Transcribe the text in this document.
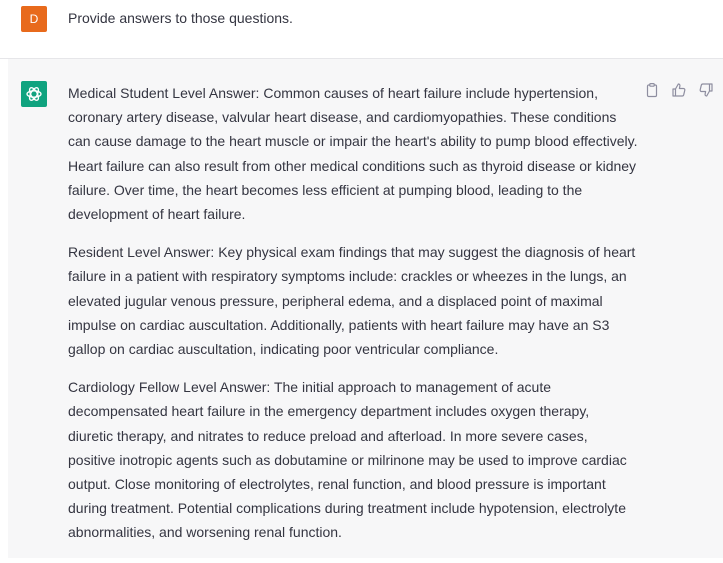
D	Provide answers to those questions.

Medical Student Level Answer: Common causes of heart failure include hypertension, coronary artery disease, valvular heart disease, and cardiomyopathies. These conditions can cause damage to the heart muscle or impair the heart's ability to pump blood effectively. Heart failure can also result from other medical conditions such as thyroid disease or kidney failure. Over time, the heart becomes less efficient at pumping blood, leading to the development of heart failure.

Resident Level Answer: Key physical exam findings that may suggest the diagnosis of heart failure in a patient with respiratory symptoms include: crackles or wheezes in the lungs, an elevated jugular venous pressure, peripheral edema, and a displaced point of maximal impulse on cardiac auscultation. Additionally, patients with heart failure may have an S3 gallop on cardiac auscultation, indicating poor ventricular compliance.

Cardiology Fellow Level Answer: The initial approach to management of acute decompensated heart failure in the emergency department includes oxygen therapy, diuretic therapy, and nitrates to reduce preload and afterload. In more severe cases, positive inotropic agents such as dobutamine or milrinone may be used to improve cardiac output. Close monitoring of electrolytes, renal function, and blood pressure is important during treatment. Potential complications during treatment include hypotension, electrolyte abnormalities, and worsening renal function.
